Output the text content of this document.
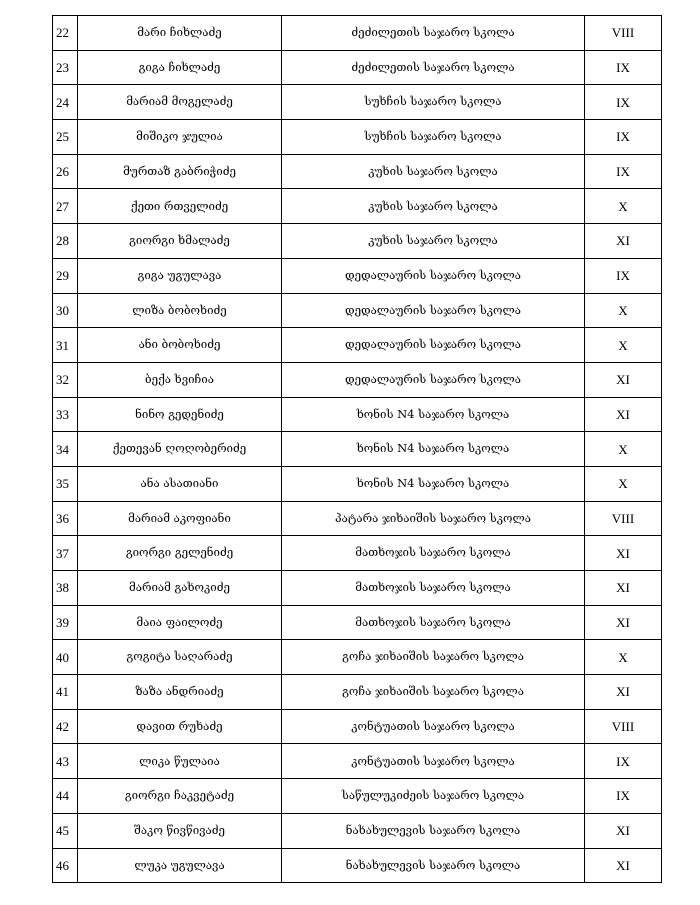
22	მარი ჩიხლაძე	ძეძილეთის საჯარო სკოლა	VIII
23	გიგა ჩიხლაძე	ძეძილეთის საჯარო სკოლა	IX
24	მარიამ მოგელაძე	სუხჩის საჯარო სკოლა	IX
25	მიშიკო ჯულია	სუხჩის საჯარო სკოლა	IX
26	მურთაზ გაბრიჭიძე	კუხის საჯარო სკოლა	IX
27	ქეთი რთველიძე	კუხის საჯარო სკოლა	X
28	გიორგი ხმალაძე	კუხის საჯარო სკოლა	XI
29	გიგა უგულავა	დედალაურის საჯარო სკოლა	IX
30	ლიზა ბობოხიძე	დედალაურის საჯარო სკოლა	X
31	ანი ბობოხიძე	დედალაურის საჯარო სკოლა	X
32	ბექა ხვიჩია	დედალაურის საჯარო სკოლა	XI
33	ნინო გედენიძე	ხონის N4 საჯარო სკოლა	XI
34	ქეთევან ღოღობერიძე	ხონის N4 საჯარო სკოლა	X
35	ანა ასათიანი	ხონის N4 საჯარო სკოლა	X
36	მარიამ აკოფიანი	პატარა ჯიხაიშის საჯარო სკოლა	VIII
37	გიორგი გელენიძე	მათხოჯის საჯარო სკოლა	XI
38	მარიამ გახოკიძე	მათხოჯის საჯარო სკოლა	XI
39	მაია ფაილოძე	მათხოჯის საჯარო სკოლა	XI
40	გოგიტა საღარაძე	გოჩა ჯიხაიშის საჯარო სკოლა	X
41	ზაზა ანდრიაძე	გოჩა ჯიხაიშის საჯარო სკოლა	XI
42	დავით რუხაძე	კონტუათის საჯარო სკოლა	VIII
43	ლიკა წულაია	კონტუათის საჯარო სკოლა	IX
44	გიორგი ჩაკვეტაძე	საწულუკიძეის საჯარო სკოლა	IX
45	შაკო წივწივაძე	ნახახულევის საჯარო სკოლა	XI
46	ლუკა უგულავა	ნახახულევის საჯარო სკოლა	XI
